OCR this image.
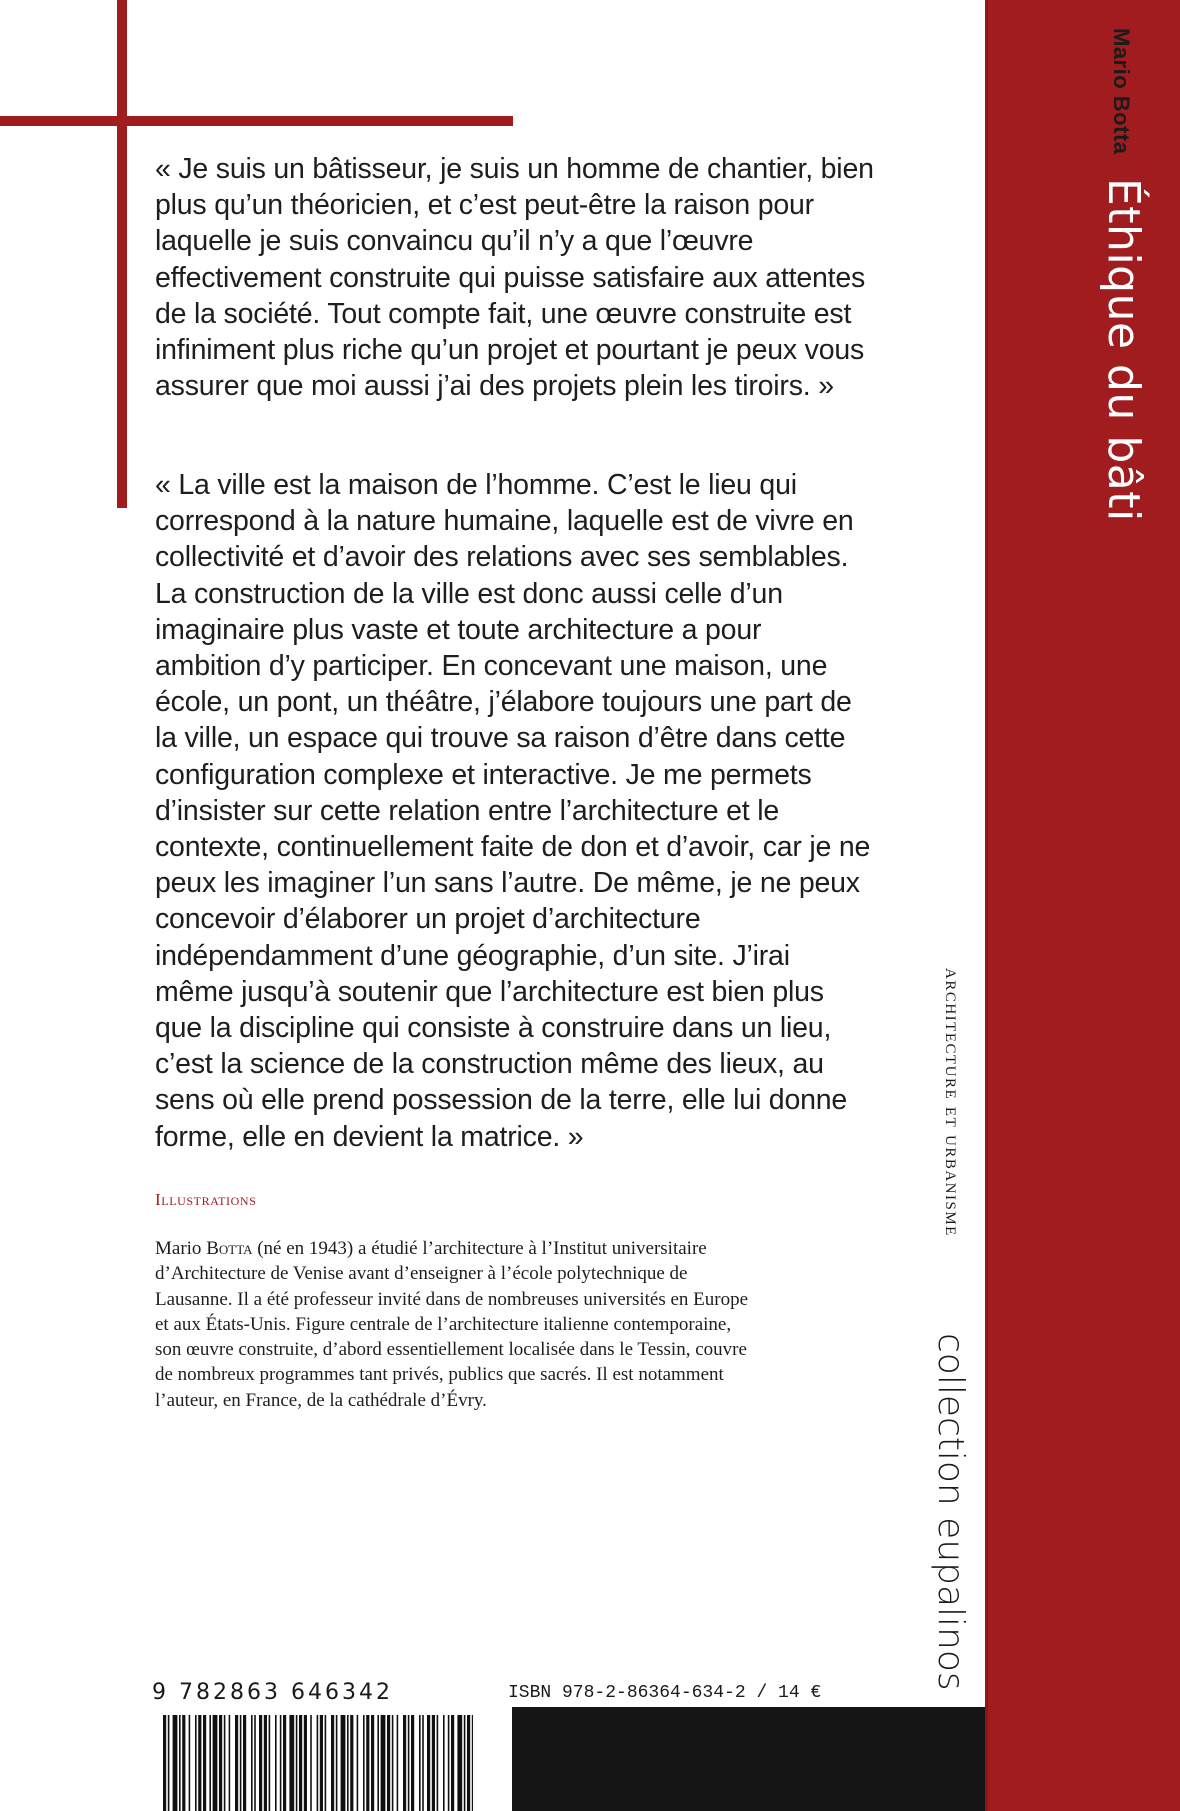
Mario Botta
Éthique du bâti
architecture et urbanisme
collection eupalinos

« Je suis un bâtisseur, je suis un homme de chantier, bien plus qu’un théoricien, et c’est peut-être la raison pour laquelle je suis convaincu qu’il n’y a que l’œuvre effectivement construite qui puisse satisfaire aux attentes de la société. Tout compte fait, une œuvre construite est infiniment plus riche qu’un projet et pourtant je peux vous assurer que moi aussi j’ai des projets plein les tiroirs. »

« La ville est la maison de l’homme. C’est le lieu qui correspond à la nature humaine, laquelle est de vivre en collectivité et d’avoir des relations avec ses semblables. La construction de la ville est donc aussi celle d’un imaginaire plus vaste et toute architecture a pour ambition d’y participer. En concevant une maison, une école, un pont, un théâtre, j’élabore toujours une part de la ville, un espace qui trouve sa raison d’être dans cette configuration complexe et interactive. Je me permets d’insister sur cette relation entre l’architecture et le contexte, continuellement faite de don et d’avoir, car je ne peux les imaginer l’un sans l’autre. De même, je ne peux concevoir d’élaborer un projet d’architecture indépendamment d’une géographie, d’un site. J’irai même jusqu’à soutenir que l’architecture est bien plus que la discipline qui consiste à construire dans un lieu, c’est la science de la construction même des lieux, au sens où elle prend possession de la terre, elle lui donne forme, elle en devient la matrice. »

Illustrations

Mario Botta (né en 1943) a étudié l’architecture à l’Institut universitaire d’Architecture de Venise avant d’enseigner à l’école polytechnique de Lausanne. Il a été professeur invité dans de nombreuses universités en Europe et aux États-Unis. Figure centrale de l’architecture italienne contemporaine, son œuvre construite, d’abord essentiellement localisée dans le Tessin, couvre de nombreux programmes tant privés, publics que sacrés. Il est notamment l’auteur, en France, de la cathédrale d’Évry.

9 782863 646342	ISBN 978-2-86364-634-2 / 14 €
